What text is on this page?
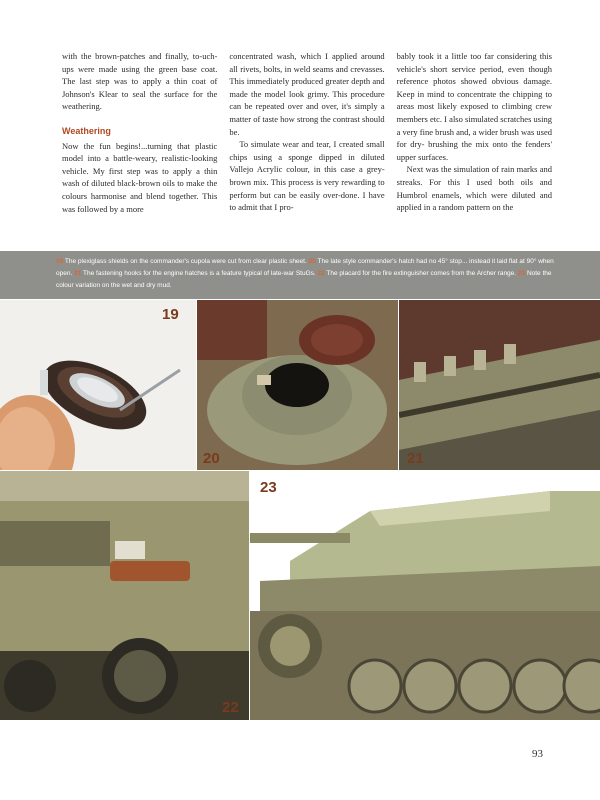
with the brown-patches and finally, to-uch-ups were made using the green base coat. The last step was to apply a thin coat of Johnson's Klear to seal the surface for the weathering.

Weathering

Now the fun begins!...turning that plastic model into a battle-weary, realistic-looking vehicle. My first step was to apply a thin wash of diluted black-brown oils to make the colours harmonise and blend together. This was followed by a more

concentrated wash, which I applied around all rivets, bolts, in weld seams and crevasses. This immediately produced greater depth and made the model look grimy. This procedure can be repeated over and over, it's simply a matter of taste how strong the contrast should be.

To simulate wear and tear, I created small chips using a sponge dipped in diluted Vallejo Acrylic colour, in this case a grey-brown mix. This process is very rewarding to perform but can be easily over-done. I have to admit that I pro-

bably took it a little too far considering this vehicle's short service period, even though reference photos showed obvious damage. Keep in mind to concentrate the chipping to areas most likely exposed to climbing crew members etc. I also simulated scratches using a very fine brush and, a wider brush was used for dry- brushing the mix onto the fenders' upper surfaces.

Next was the simulation of rain marks and streaks. For this I used both oils and Humbrol enamels, which were diluted and applied in a random pattern on the

19 The plexiglass shields on the commander's cupola were cut from clear plastic sheet. 20 The late style commander's hatch had no 45° stop... instead it laid flat at 90° when open. 21 The fastening hooks for the engine hatches is a feature typical of late-war StuGs. 22 The placard for the fire extinguisher comes from the Archer range. 23 Note the colour variation on the wet and dry mud.
19
20	21
22
23
93
